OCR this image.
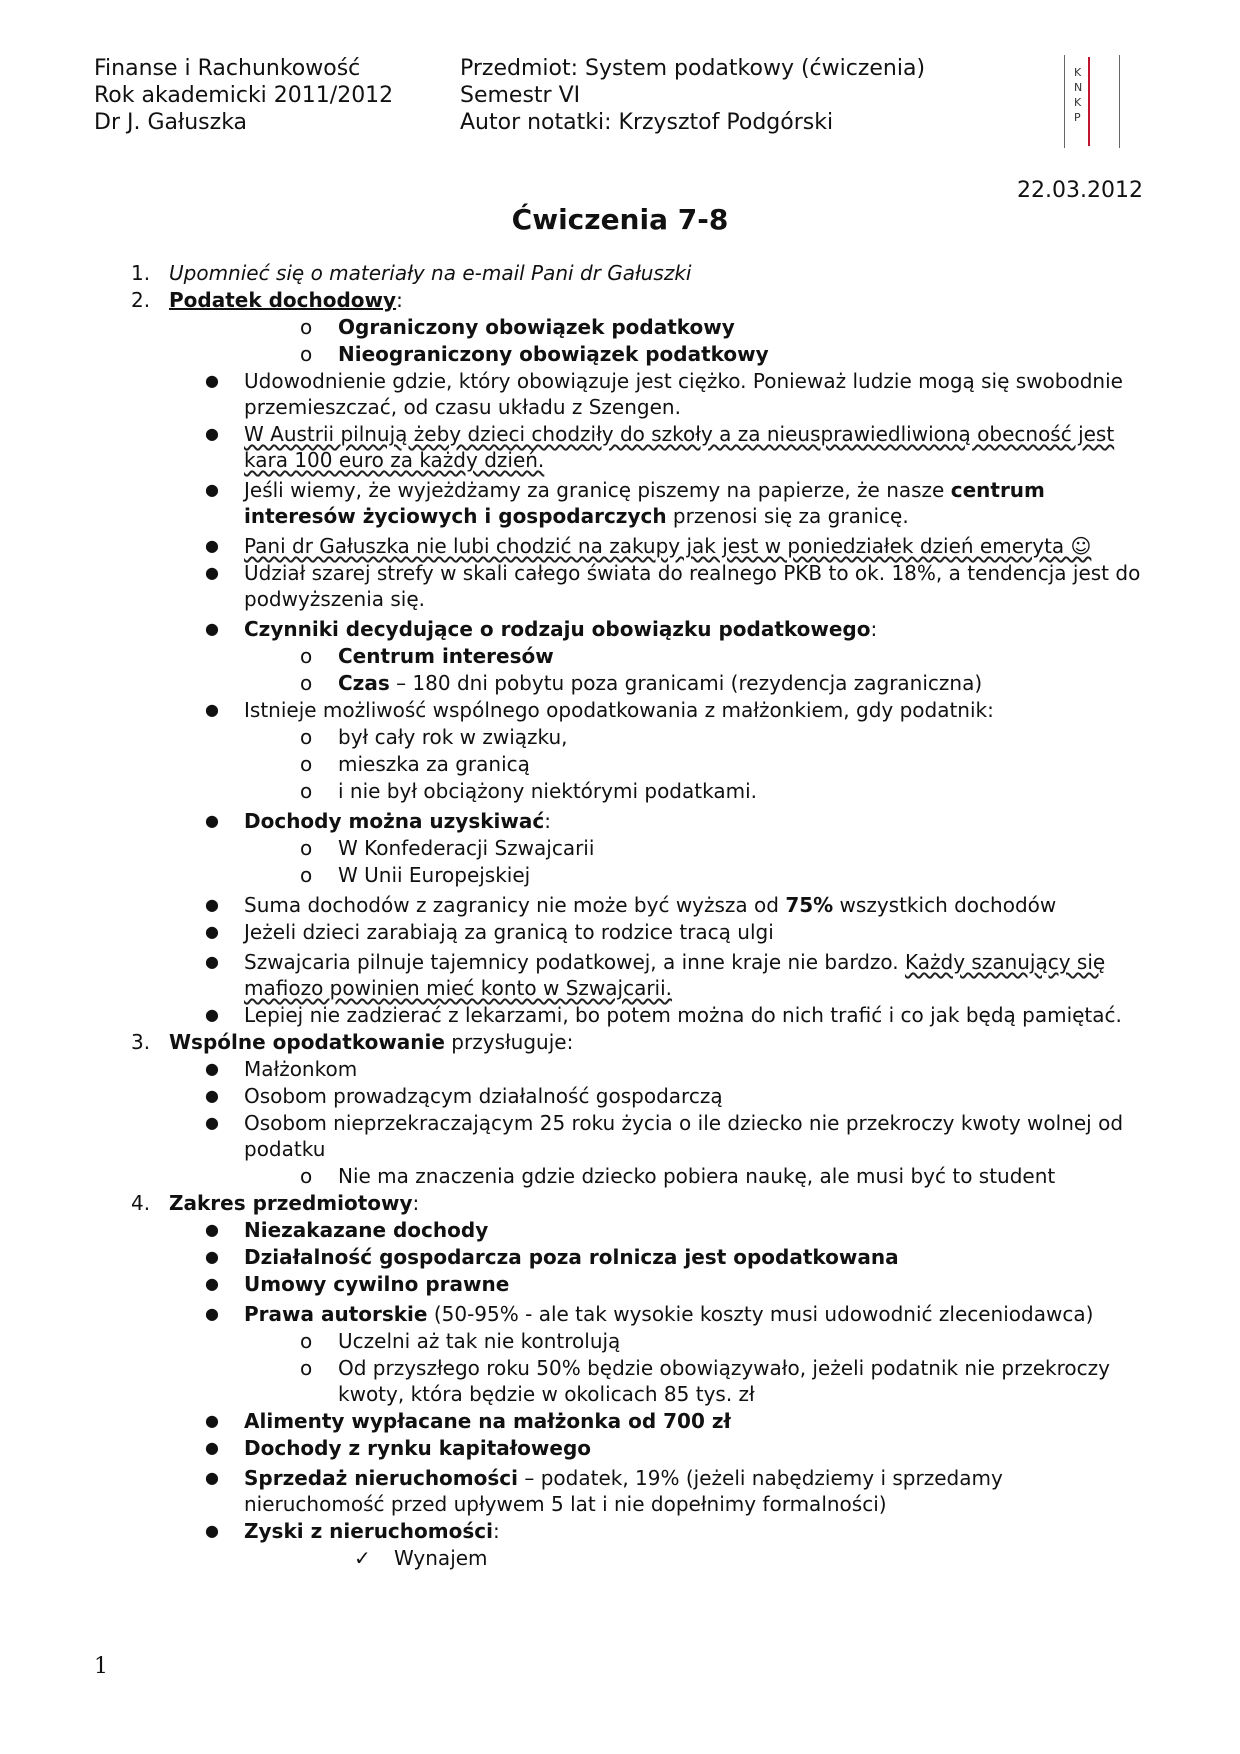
Finanse i Rachunkowość
Rok akademicki 2011/2012
Dr J. Gałuszka
Przedmiot: System podatkowy (ćwiczenia)
Semestr VI
Autor notatki: Krzysztof Podgórski
K
N
K
P
22.03.2012
Ćwiczenia 7-8
1. Upomnieć się o materiały na e-mail Pani dr Gałuszki
2. Podatek dochodowy:
o	Ograniczony obowiązek podatkowy
o	Nieograniczony obowiązek podatkowy
●	Udowodnienie gdzie, który obowiązuje jest ciężko. Ponieważ ludzie mogą się swobodnie przemieszczać, od czasu układu z Szengen.
●	W Austrii pilnują żeby dzieci chodziły do szkoły a za nieusprawiedliwioną obecność jest kara 100 euro za każdy dzień.
●	Jeśli wiemy, że wyjeżdżamy za granicę piszemy na papierze, że nasze centrum interesów życiowych i gospodarczych przenosi się za granicę.
●	Pani dr Gałuszka nie lubi chodzić na zakupy jak jest w poniedziałek dzień emeryta ☺
●	Udział szarej strefy w skali całego świata do realnego PKB to ok. 18%, a tendencja jest do podwyższenia się.
●	Czynniki decydujące o rodzaju obowiązku podatkowego:
o	Centrum interesów
o	Czas – 180 dni pobytu poza granicami (rezydencja zagraniczna)
●	Istnieje możliwość wspólnego opodatkowania z małżonkiem, gdy podatnik:
o	był cały rok w związku,
o	mieszka za granicą
o	i nie był obciążony niektórymi podatkami.
●	Dochody można uzyskiwać:
o	W Konfederacji Szwajcarii
o	W Unii Europejskiej
●	Suma dochodów z zagranicy nie może być wyższa od 75% wszystkich dochodów
●	Jeżeli dzieci zarabiają za granicą to rodzice tracą ulgi
●	Szwajcaria pilnuje tajemnicy podatkowej, a inne kraje nie bardzo. Każdy szanujący się mafiozo powinien mieć konto w Szwajcarii.
●	Lepiej nie zadzierać z lekarzami, bo potem można do nich trafić i co jak będą pamiętać.
3. Wspólne opodatkowanie przysługuje:
●	Małżonkom
●	Osobom prowadzącym działalność gospodarczą
●	Osobom nieprzekraczającym 25 roku życia o ile dziecko nie przekroczy kwoty wolnej od podatku
o	Nie ma znaczenia gdzie dziecko pobiera naukę, ale musi być to student
4. Zakres przedmiotowy:
●	Niezakazane dochody
●	Działalność gospodarcza poza rolnicza jest opodatkowana
●	Umowy cywilno prawne
●	Prawa autorskie (50-95% - ale tak wysokie koszty musi udowodnić zleceniodawca)
o	Uczelni aż tak nie kontrolują
o	Od przyszłego roku 50% będzie obowiązywało, jeżeli podatnik nie przekroczy kwoty, która będzie w okolicach 85 tys. zł
●	Alimenty wypłacane na małżonka od 700 zł
●	Dochody z rynku kapitałowego
●	Sprzedaż nieruchomości – podatek, 19% (jeżeli nabędziemy i sprzedamy nieruchomość przed upływem 5 lat i nie dopełnimy formalności)
●	Zyski z nieruchomości:
✓	Wynajem
1
